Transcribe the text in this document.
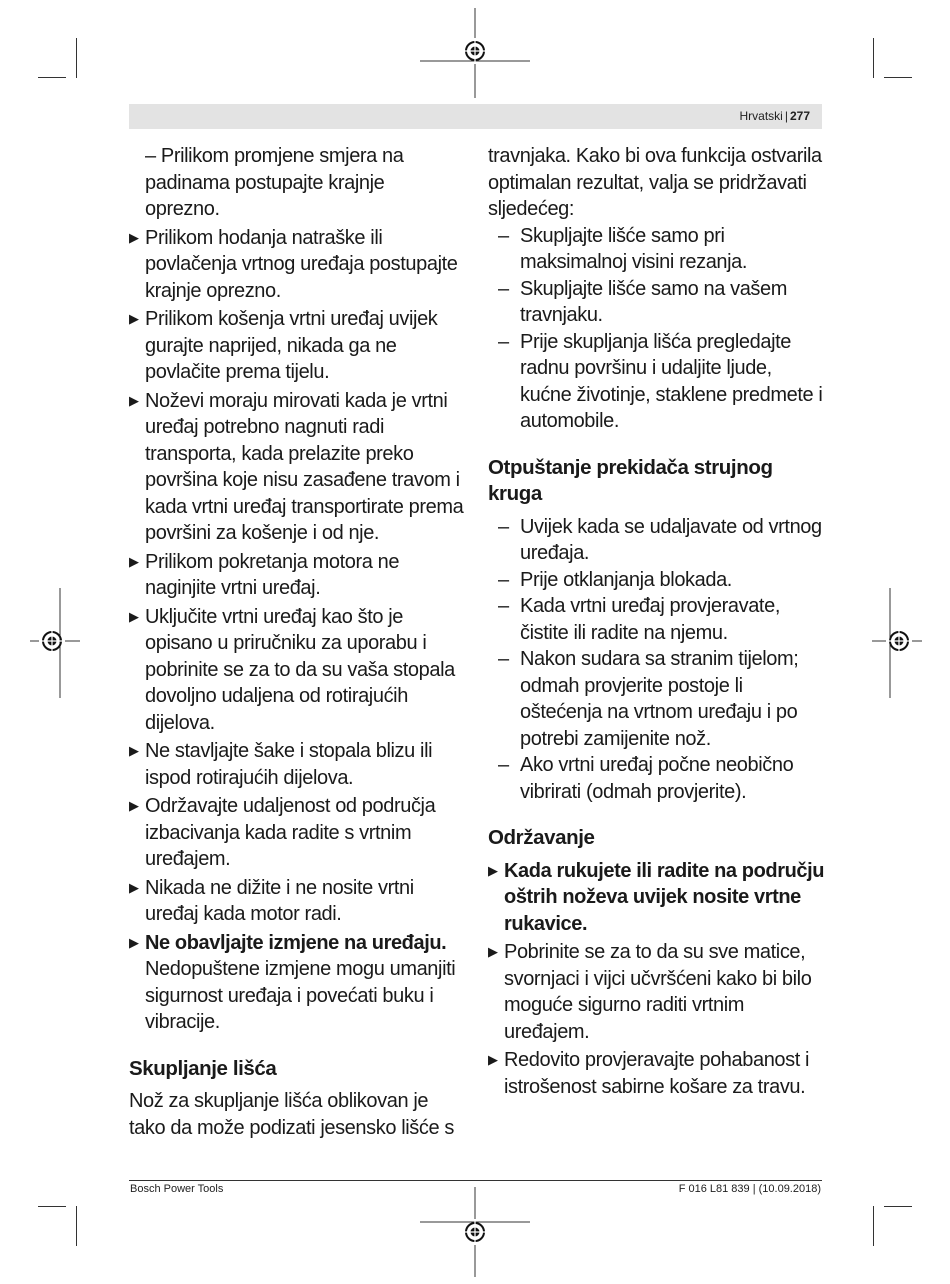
Hrvatski | 277

– Prilikom promjene smjera na padinama postupajte krajnje oprezno.

▶ Prilikom hodanja natraške ili povlačenja vrtnog uređaja postupajte krajnje oprezno.
▶ Prilikom košenja vrtni uređaj uvijek gurajte naprijed, nikada ga ne povlačite prema tijelu.
▶ Noževi moraju mirovati kada je vrtni uređaj potrebno nagnuti radi transporta, kada prelazite preko površina koje nisu zasađene travom i kada vrtni uređaj transportirate prema površini za košenje i od nje.
▶ Prilikom pokretanja motora ne naginjite vrtni uređaj.
▶ Uključite vrtni uređaj kao što je opisano u priručniku za uporabu i pobrinite se za to da su vaša stopala dovoljno udaljena od rotirajućih dijelova.
▶ Ne stavljajte šake i stopala blizu ili ispod rotirajućih dijelova.
▶ Održavajte udaljenost od područja izbacivanja kada radite s vrtnim uređajem.
▶ Nikada ne dižite i ne nosite vrtni uređaj kada motor radi.
▶ Ne obavljajte izmjene na uređaju.
Nedopuštene izmjene mogu umanjiti sigurnost uređaja i povećati buku i vibracije.
Skupljanje lišća

Nož za skupljanje lišća oblikovan je tako da može podizati jesensko lišće s

travnjaka. Kako bi ova funkcija ostvarila optimalan rezultat, valja se pridržavati sljedećeg:

– Skupljajte lišće samo pri maksimalnoj visini rezanja.
– Skupljajte lišće samo na vašem travnjaku.
– Prije skupljanja lišća pregledajte radnu površinu i udaljite ljude, kućne životinje, staklene predmete i automobile.
Otpuštanje prekidača strujnog kruga
– Uvijek kada se udaljavate od vrtnog uređaja.
– Prije otklanjanja blokada.
– Kada vrtni uređaj provjeravate, čistite ili radite na njemu.
– Nakon sudara sa stranim tijelom; odmah provjerite postoje li oštećenja na vrtnom uređaju i po potrebi zamijenite nož.
– Ako vrtni uređaj počne neobično vibrirati (odmah provjerite).
Održavanje
▶ Kada rukujete ili radite na području oštrih noževa uvijek nosite vrtne rukavice.
▶ Pobrinite se za to da su sve matice, svornjaci i vijci učvršćeni kako bi bilo moguće sigurno raditi vrtnim uređajem.
▶ Redovito provjeravajte pohabanost i istrošenost sabirne košare za travu.
Bosch Power Tools	F 016 L81 839 | (10.09.2018)
